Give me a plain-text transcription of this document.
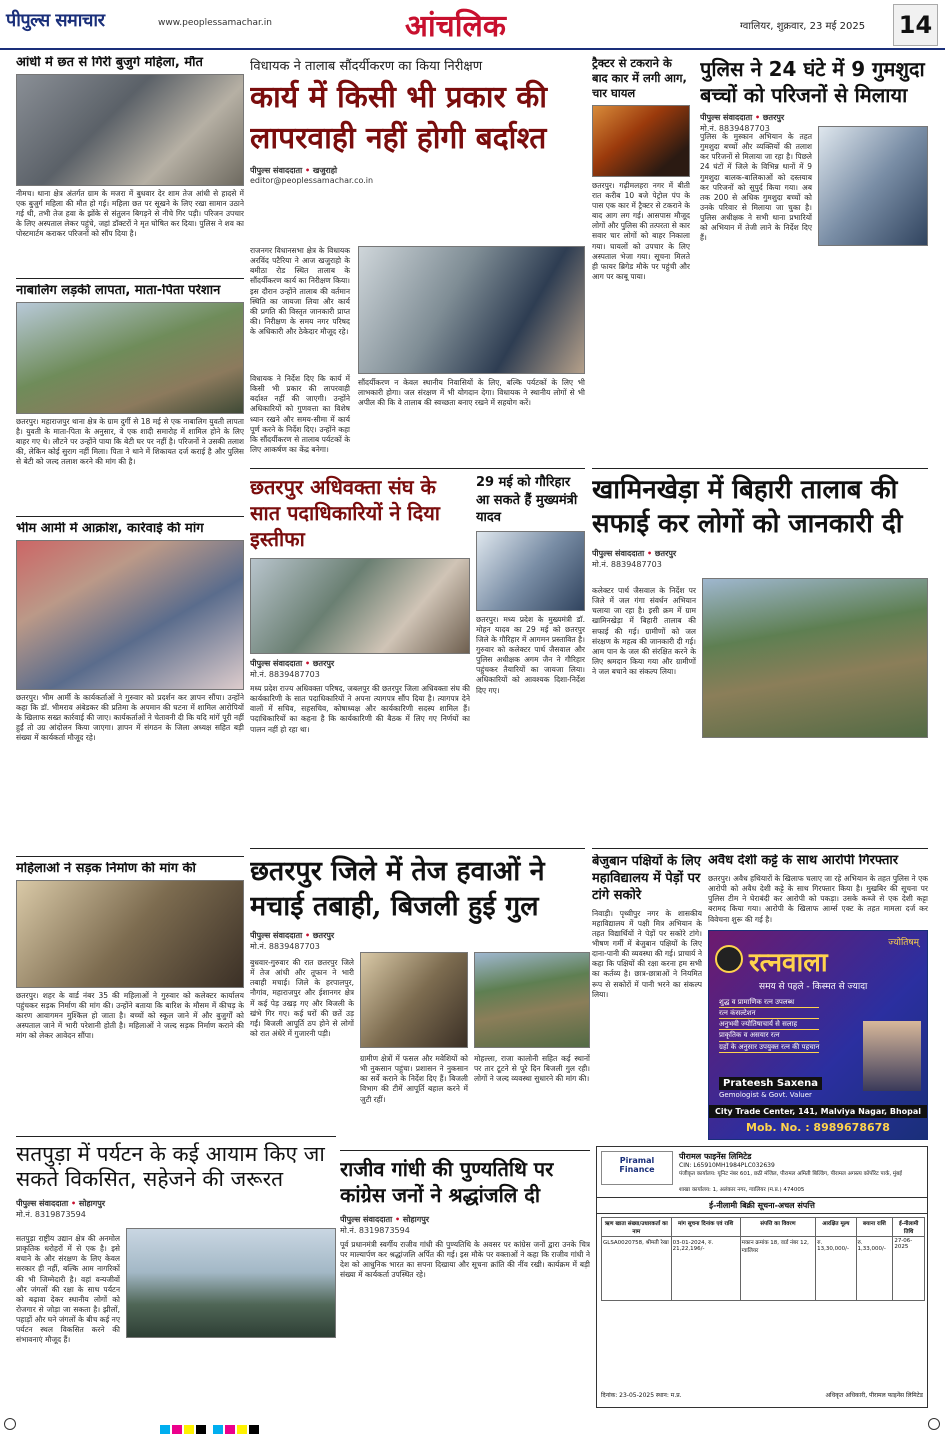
पीपुल्स समाचार	www.peoplessamachar.in	आंचलिक	ग्वालियर, शुक्रवार, 23 मई 2025 14
आंधी में छत से गिरी बुजुर्ग महिला, मौत
नीमच। थाना क्षेत्र अंतर्गत ग्राम के मजरा में बुधवार देर शाम तेज आंधी से हादसे में एक बुजुर्ग महिला की मौत हो गई। महिला छत पर सूखने के लिए रखा सामान उठाने गई थी, तभी तेज हवा के झोंके से संतुलन बिगड़ने से नीचे गिर पड़ी। परिजन उपचार के लिए अस्पताल लेकर पहुंचे, जहां डॉक्टरों ने मृत घोषित कर दिया। पुलिस ने शव का पोस्टमार्टम कराकर परिजनों को सौंप दिया है।
नाबालिग लड़की लापता, माता-पिता परेशान
छतरपुर। महाराजपुर थाना क्षेत्र के ग्राम दुर्गी से 18 मई से एक नाबालिग युवती लापता है। युवती के माता-पिता के अनुसार, वे एक शादी समारोह में शामिल होने के लिए बाहर गए थे। लौटने पर उन्होंने पाया कि बेटी घर पर नहीं है। परिजनों ने उसकी तलाश की, लेकिन कोई सुराग नहीं मिला। पिता ने थाने में शिकायत दर्ज कराई है और पुलिस से बेटी को जल्द तलाश करने की मांग की है।
भीम आर्मी में आक्रोश, कार्रवाई की मांग
छतरपुर। भीम आर्मी के कार्यकर्ताओं ने गुरुवार को प्रदर्शन कर ज्ञापन सौंपा। उन्होंने कहा कि डॉ. भीमराव अंबेडकर की प्रतिमा के अपमान की घटना में शामिल आरोपियों के खिलाफ सख्त कार्रवाई की जाए। कार्यकर्ताओं ने चेतावनी दी कि यदि मांगें पूरी नहीं हुईं तो उग्र आंदोलन किया जाएगा। ज्ञापन में संगठन के जिला अध्यक्ष सहित बड़ी संख्या में कार्यकर्ता मौजूद रहे।
महिलाओं ने सड़क निर्माण की मांग की
छतरपुर। शहर के वार्ड नंबर 35 की महिलाओं ने गुरुवार को कलेक्टर कार्यालय पहुंचकर सड़क निर्माण की मांग की। उन्होंने बताया कि बारिश के मौसम में कीचड़ के कारण आवागमन मुश्किल हो जाता है। बच्चों को स्कूल जाने में और बुजुर्गों को अस्पताल जाने में भारी परेशानी होती है। महिलाओं ने जल्द सड़क निर्माण कराने की मांग को लेकर आवेदन सौंपा।
सतपुड़ा में पर्यटन के कई आयाम किए जा सकते विकसित, सहेजने की जरूरत
पीपुल्स संवाददाता • सोहागपुर
मो.नं. 8319873594
सतपुड़ा राष्ट्रीय उद्यान क्षेत्र की अनमोल प्राकृतिक धरोहरों में से एक है। इसे बचाने के और संरक्षण के लिए केवल सरकार ही नहीं, बल्कि आम नागरिकों की भी जिम्मेदारी है। वहां वन्यजीवों और जंगलों की रक्षा के साथ पर्यटन को बढ़ावा देकर स्थानीय लोगों को रोजगार से जोड़ा जा सकता है। झीलों, पहाड़ों और घने जंगलों के बीच कई नए पर्यटन स्थल विकसित करने की संभावनाएं मौजूद हैं।
विधायक ने तालाब सौंदर्यीकरण का किया निरीक्षण
कार्य में किसी भी प्रकार की लापरवाही नहीं होगी बर्दाश्त
पीपुल्स संवाददाता • खजुराहो
editor@peoplessamachar.co.in
राजनगर विधानसभा क्षेत्र के विधायक अरविंद पटैरिया ने आज खजुराहो के बमीठा रोड स्थित तालाब के सौंदर्यीकरण कार्य का निरीक्षण किया। इस दौरान उन्होंने तालाब की वर्तमान स्थिति का जायजा लिया और कार्य की प्रगति की विस्तृत जानकारी प्राप्त की। निरीक्षण के समय नगर परिषद के अधिकारी और ठेकेदार मौजूद रहे।
विधायक ने निर्देश दिए कि कार्य में किसी भी प्रकार की लापरवाही बर्दाश्त नहीं की जाएगी। उन्होंने अधिकारियों को गुणवत्ता का विशेष ध्यान रखने और समय-सीमा में कार्य पूर्ण करने के निर्देश दिए। उन्होंने कहा कि सौंदर्यीकरण से तालाब पर्यटकों के लिए आकर्षण का केंद्र बनेगा।
सौंदर्यीकरण न केवल स्थानीय निवासियों के लिए, बल्कि पर्यटकों के लिए भी लाभकारी होगा। जल संरक्षण में भी योगदान देगा। विधायक ने स्थानीय लोगों से भी अपील की कि वे तालाब की स्वच्छता बनाए रखने में सहयोग करें।
छतरपुर अधिवक्ता संघ के सात पदाधिकारियों ने दिया इस्तीफा
पीपुल्स संवाददाता • छतरपुर
मो.नं. 8839487703
मध्य प्रदेश राज्य अधिवक्ता परिषद, जबलपुर की छतरपुर जिला अधिवक्ता संघ की कार्यकारिणी के सात पदाधिकारियों ने अपना त्यागपत्र सौंप दिया है। त्यागपत्र देने वालों में सचिव, सहसचिव, कोषाध्यक्ष और कार्यकारिणी सदस्य शामिल हैं। पदाधिकारियों का कहना है कि कार्यकारिणी की बैठक में लिए गए निर्णयों का पालन नहीं हो रहा था।
29 मई को गौरिहार आ सकते हैं मुख्यमंत्री यादव
छतरपुर। मध्य प्रदेश के मुख्यमंत्री डॉ. मोहन यादव का 29 मई को छतरपुर जिले के गौरिहार में आगमन प्रस्तावित है। गुरुवार को कलेक्टर पार्थ जैसवाल और पुलिस अधीक्षक अगम जैन ने गौरिहार पहुंचकर तैयारियों का जायजा लिया। अधिकारियों को आवश्यक दिशा-निर्देश दिए गए।
छतरपुर जिले में तेज हवाओं ने मचाई तबाही, बिजली हुई गुल
पीपुल्स संवाददाता • छतरपुर
मो.नं. 8839487703
बुधवार-गुरुवार की रात छतरपुर जिले में तेज आंधी और तूफान ने भारी तबाही मचाई। जिले के हरपालपुर, नौगांव, महाराजपुर और ईशानगर क्षेत्र में कई पेड़ उखड़ गए और बिजली के खंभे गिर गए। कई घरों की छतें उड़ गईं। बिजली आपूर्ति ठप होने से लोगों को रात अंधेरे में गुजारनी पड़ी।
ग्रामीण क्षेत्रों में फसल और मवेशियों को भी नुकसान पहुंचा। प्रशासन ने नुकसान का सर्वे कराने के निर्देश दिए हैं। बिजली विभाग की टीमें आपूर्ति बहाल करने में जुटी रहीं।
मोहल्ला, राजा कालोनी सहित कई स्थानों पर तार टूटने से पूरे दिन बिजली गुल रही। लोगों ने जल्द व्यवस्था सुधारने की मांग की।
राजीव गांधी की पुण्यतिथि पर कांग्रेस जनों ने श्रद्धांजलि दी
पीपुल्स संवाददाता • सोहागपुर
मो.नं. 8319873594
पूर्व प्रधानमंत्री स्वर्गीय राजीव गांधी की पुण्यतिथि के अवसर पर कांग्रेस जनों द्वारा उनके चित्र पर माल्यार्पण कर श्रद्धांजलि अर्पित की गई। इस मौके पर वक्ताओं ने कहा कि राजीव गांधी ने देश को आधुनिक भारत का सपना दिखाया और सूचना क्रांति की नींव रखी। कार्यक्रम में बड़ी संख्या में कार्यकर्ता उपस्थित रहे।
ट्रैक्टर से टकराने के बाद कार में लगी आग, चार घायल
छतरपुर। गढ़ीमलहरा नगर में बीती रात करीब 10 बजे पेट्रोल पंप के पास एक कार में ट्रैक्टर से टकराने के बाद आग लग गई। आसपास मौजूद लोगों और पुलिस की तत्परता से कार सवार चार लोगों को बाहर निकाला गया। घायलों को उपचार के लिए अस्पताल भेजा गया। सूचना मिलते ही फायर ब्रिगेड मौके पर पहुंची और आग पर काबू पाया।
पुलिस ने 24 घंटे में 9 गुमशुदा बच्चों को परिजनों से मिलाया
पीपुल्स संवाददाता • छतरपुर
मो.नं. 8839487703
पुलिस के मुस्कान अभियान के तहत गुमशुदा बच्चों और व्यक्तियों की तलाश कर परिजनों से मिलाया जा रहा है। पिछले 24 घंटों में जिले के विभिन्न थानों में 9 गुमशुदा बालक-बालिकाओं को दस्तयाब कर परिजनों को सुपुर्द किया गया। अब तक 200 से अधिक गुमशुदा बच्चों को उनके परिवार से मिलाया जा चुका है। पुलिस अधीक्षक ने सभी थाना प्रभारियों को अभियान में तेजी लाने के निर्देश दिए हैं।
खामिनखेड़ा में बिहारी तालाब की सफाई कर लोगों को जानकारी दी
पीपुल्स संवाददाता • छतरपुर
मो.नं. 8839487703
कलेक्टर पार्थ जैसवाल के निर्देश पर जिले में जल गंगा संवर्धन अभियान चलाया जा रहा है। इसी क्रम में ग्राम खामिनखेड़ा में बिहारी तालाब की सफाई की गई। ग्रामीणों को जल संरक्षण के महत्व की जानकारी दी गई। आम पान के जल की संरक्षित करने के लिए श्रमदान किया गया और ग्रामीणों ने जल बचाने का संकल्प लिया।
बेजुबान पक्षियों के लिए महाविद्यालय में पेड़ों पर टांगे सकोरे
निवाड़ी। पृथ्वीपुर नगर के शासकीय महाविद्यालय में पक्षी मित्र अभियान के तहत विद्यार्थियों ने पेड़ों पर सकोरे टांगे। भीषण गर्मी में बेजुबान पक्षियों के लिए दाना-पानी की व्यवस्था की गई। प्राचार्य ने कहा कि पक्षियों की रक्षा करना हम सभी का कर्तव्य है। छात्र-छात्राओं ने नियमित रूप से सकोरों में पानी भरने का संकल्प लिया।
अवैध देशी कट्टे के साथ आरोपी गिरफ्तार
छतरपुर। अवैध हथियारों के खिलाफ चलाए जा रहे अभियान के तहत पुलिस ने एक आरोपी को अवैध देशी कट्टे के साथ गिरफ्तार किया है। मुखबिर की सूचना पर पुलिस टीम ने घेराबंदी कर आरोपी को पकड़ा। उसके कब्जे से एक देशी कट्टा बरामद किया गया। आरोपी के खिलाफ आर्म्स एक्ट के तहत मामला दर्ज कर विवेचना शुरू की गई है।
ज्योतिषम्
रत्नवाला
समय से पहले - किस्मत से ज्यादा
शुद्ध व प्रामाणिक रत्न उपलब्ध
रत्न कंसल्टेशन
अनुभवी ज्योतिषाचार्य से सलाह
प्राकृतिक व असयार रत्न
ग्रहों के अनुसार उपयुक्त रत्न की पहचान
Prateesh Saxena
Gemologist & Govt. Valuer
City Trade Center, 141, Malviya Nagar, Bhopal
Mob. No. : 8989678678
Piramal Finance
पीरामल फाइनेंस लिमिटेड
CIN: L65910MH1984PLC032639
पंजीकृत कार्यालय: यूनिट नंबर 601, छठी मंजिल, पीरामल अमिती बिल्डिंग, पीरामल अगस्त्य कॉर्पोरेट पार्क, मुंबई
शाखा कार्यालय: 1, अलंकार नगर, ग्वालियर (म.प्र.) 474005
ई-नीलामी बिक्री सूचना-अचल संपत्ति
ऋण खाता संख्या/उधारकर्ता का नाम	मांग सूचना दिनांक एवं राशि	संपत्ति का विवरण	आरक्षित मूल्य	बयाना राशि	ई-नीलामी तिथि
GLSA0020758, श्रीमती रेखा	03-01-2024, रु. 21,22,196/-	मकान क्रमांक 18, वार्ड नंबर 12, ग्वालियर	रु. 13,30,000/-	रु. 1,33,000/-	27-06-2025
दिनांक: 23-05-2025 स्थान: म.प्र.	अधिकृत अधिकारी, पीरामल फाइनेंस लिमिटेड
